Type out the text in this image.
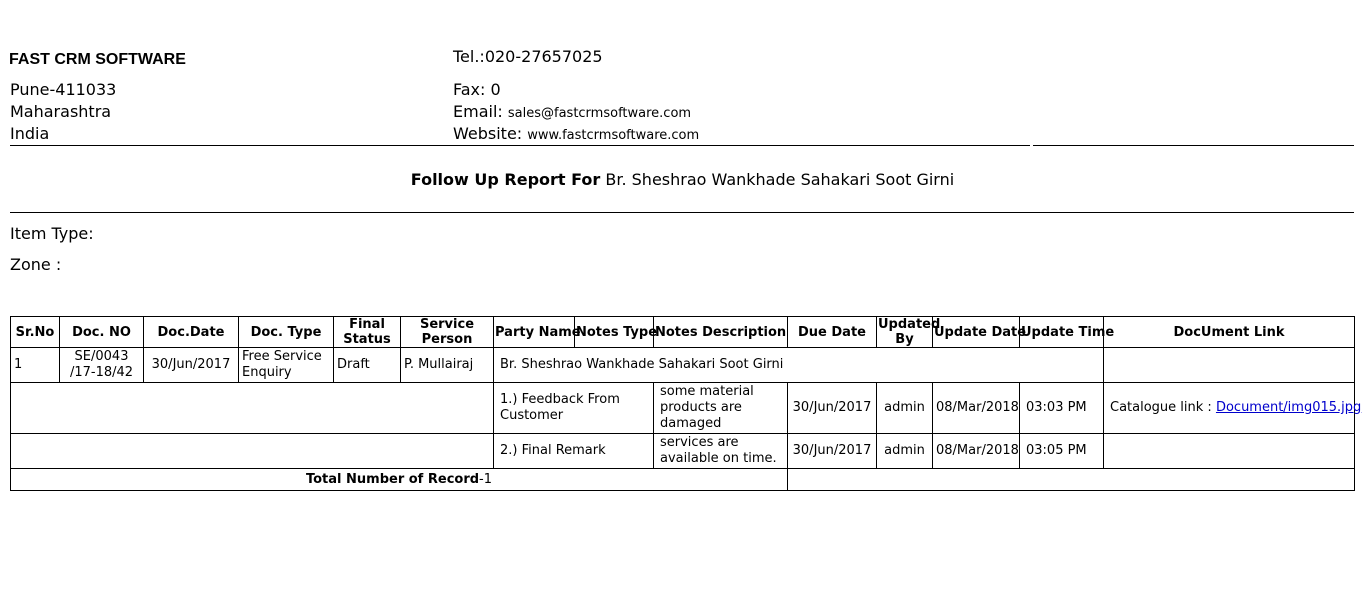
FAST CRM SOFTWARE
Pune-411033
Maharashtra
India
Tel.:020-27657025
Fax: 0
Email: sales@fastcrmsoftware.com
Website: www.fastcrmsoftware.com
Follow Up Report For Br. Sheshrao Wankhade Sahakari Soot Girni
Item Type:
Zone :
Sr.No	Doc. NO	Doc.Date	Doc. Type	Final Status	Service Person	Party Name	Notes Type	Notes Description	Due Date	Updated By	Update Date	Update Time	DocUment Link
1	SE/0043 /17-18/42	30/Jun/2017	Free Service Enquiry	Draft	P. Mullairaj	Br. Sheshrao Wankhade Sahakari Soot Girni							
						1.) Feedback From Customer		some material products are damaged	30/Jun/2017	admin	08/Mar/2018	03:03 PM	Catalogue link : Document/img015.jpg
						2.) Final Remark		services are available on time.	30/Jun/2017	admin	08/Mar/2018	03:05 PM	
Total Number of Record-1													
